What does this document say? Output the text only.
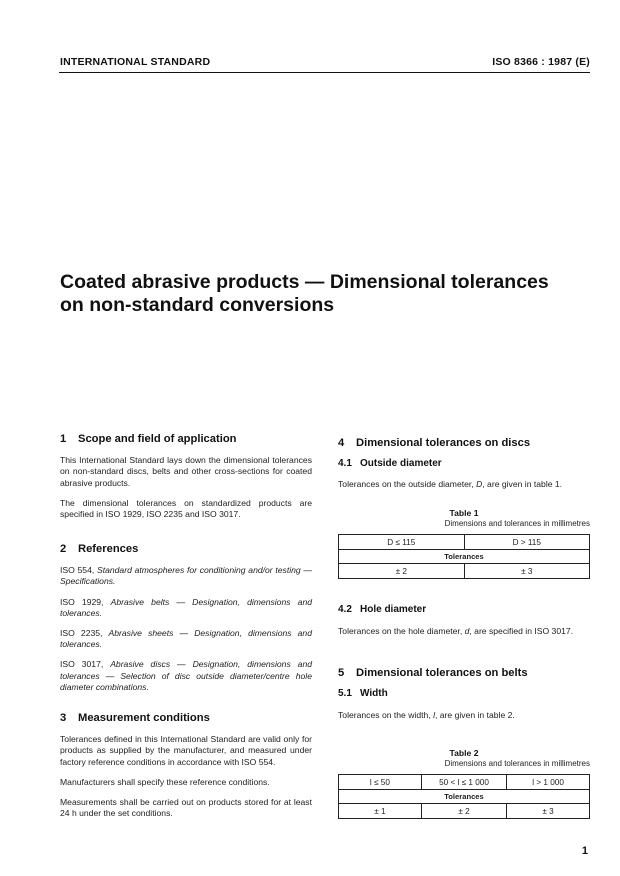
INTERNATIONAL STANDARD	ISO 8366 : 1987 (E)
Coated abrasive products — Dimensional tolerances
on non-standard conversions
1 Scope and field of application

This International Standard lays down the dimensional tolerances on non-standard discs, belts and other cross-sections for coated abrasive products.

The dimensional tolerances on standardized products are specified in ISO 1929, ISO 2235 and ISO 3017.

2 References

ISO 554, Standard atmospheres for conditioning and/or testing — Specifications.

ISO 1929, Abrasive belts — Designation, dimensions and tolerances.

ISO 2235, Abrasive sheets — Designation, dimensions and tolerances.

ISO 3017, Abrasive discs — Designation, dimensions and tolerances — Selection of disc outside diameter/centre hole diameter combinations.

3 Measurement conditions

Tolerances defined in this International Standard are valid only for products as supplied by the manufacturer, and measured under factory reference conditions in accordance with ISO 554.

Manufacturers shall specify these reference conditions.

Measurements shall be carried out on products stored for at least 24 h under the set conditions.

4 Dimensional tolerances on discs
4.1 Outside diameter

Tolerances on the outside diameter, D, are given in table 1.

Table 1
Dimensions and tolerances in millimetres
D ≤ 115	D > 115
Tolerances	
± 2	± 3
4.2 Hole diameter

Tolerances on the hole diameter, d, are specified in ISO 3017.

5 Dimensional tolerances on belts
5.1 Width

Tolerances on the width, l, are given in table 2.

Table 2
Dimensions and tolerances in millimetres
l ≤ 50	50 < l ≤ 1 000	l > 1 000
Tolerances		
± 1	± 2	± 3
1
